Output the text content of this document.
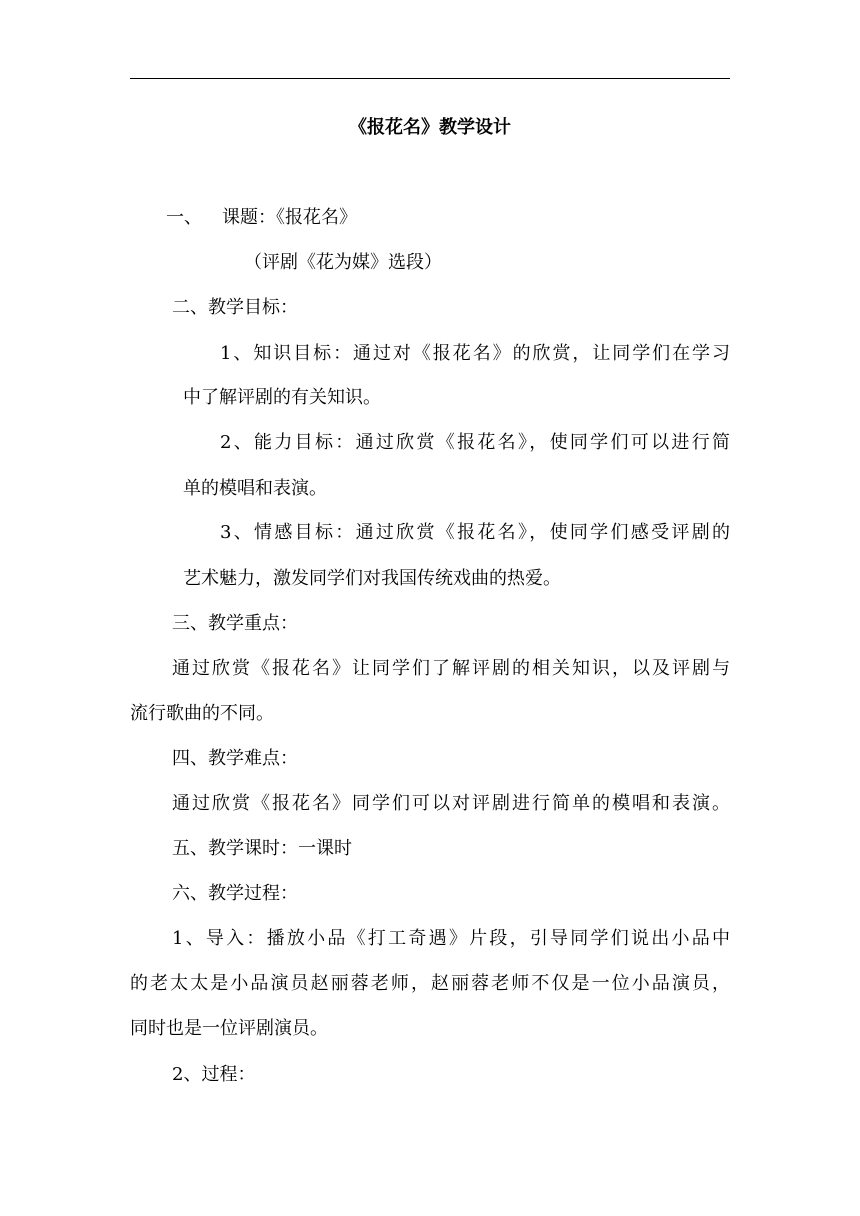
《报花名》教学设计
一、 课题：《报花名》
（评剧《花为媒》选段）
二、教学目标：
1、知识目标：通过对《报花名》的欣赏，让同学们在学习
中了解评剧的有关知识。
2、能力目标：通过欣赏《报花名》，使同学们可以进行简
单的模唱和表演。
3、情感目标：通过欣赏《报花名》，使同学们感受评剧的
艺术魅力，激发同学们对我国传统戏曲的热爱。
三、教学重点：
通过欣赏《报花名》让同学们了解评剧的相关知识，以及评剧与
流行歌曲的不同。
四、教学难点：
通过欣赏《报花名》同学们可以对评剧进行简单的模唱和表演。
五、教学课时：一课时
六、教学过程：
1、导入：播放小品《打工奇遇》片段，引导同学们说出小品中
的老太太是小品演员赵丽蓉老师，赵丽蓉老师不仅是一位小品演员，
同时也是一位评剧演员。
2、过程：
